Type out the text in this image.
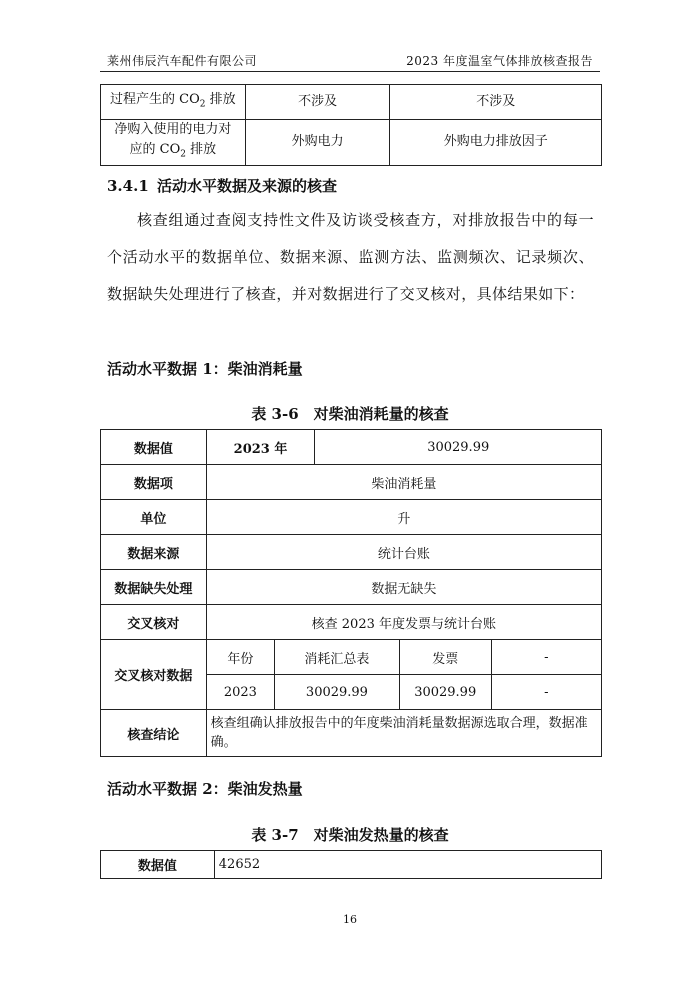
莱州伟辰汽车配件有限公司	2023 年度温室气体排放核查报告
过程产生的 $CO_2$ 排放	不涉及	不涉及

净购入使用的电力对
应的 $CO_2$ 排放	外购电力	外购电力排放因子
3.4.1 活动水平数据及来源的核查

核查组通过查阅支持性文件及访谈受核查方，对排放报告中的每一个活动水平的数据单位、数据来源、监测方法、监测频次、记录频次、数据缺失处理进行了核查，并对数据进行了交叉核对，具体结果如下：

活动水平数据 1：柴油消耗量
表 3-6　对柴油消耗量的核查
数据值	2023 年		30029.99		
数据项	柴油消耗量				
单位	升				
数据来源	统计台账				
数据缺失处理	数据无缺失				
交叉核对	核查 2023 年度发票与统计台账				
交叉核对数据	年份	消耗汇总表		发票	-
	2023	30029.99		30029.99	-
核查结论	核查组确认排放报告中的年度柴油消耗量数据源选取合理，数据准确。				
活动水平数据 2：柴油发热量
表 3-7　对柴油发热量的核查
数据值	42652
16
